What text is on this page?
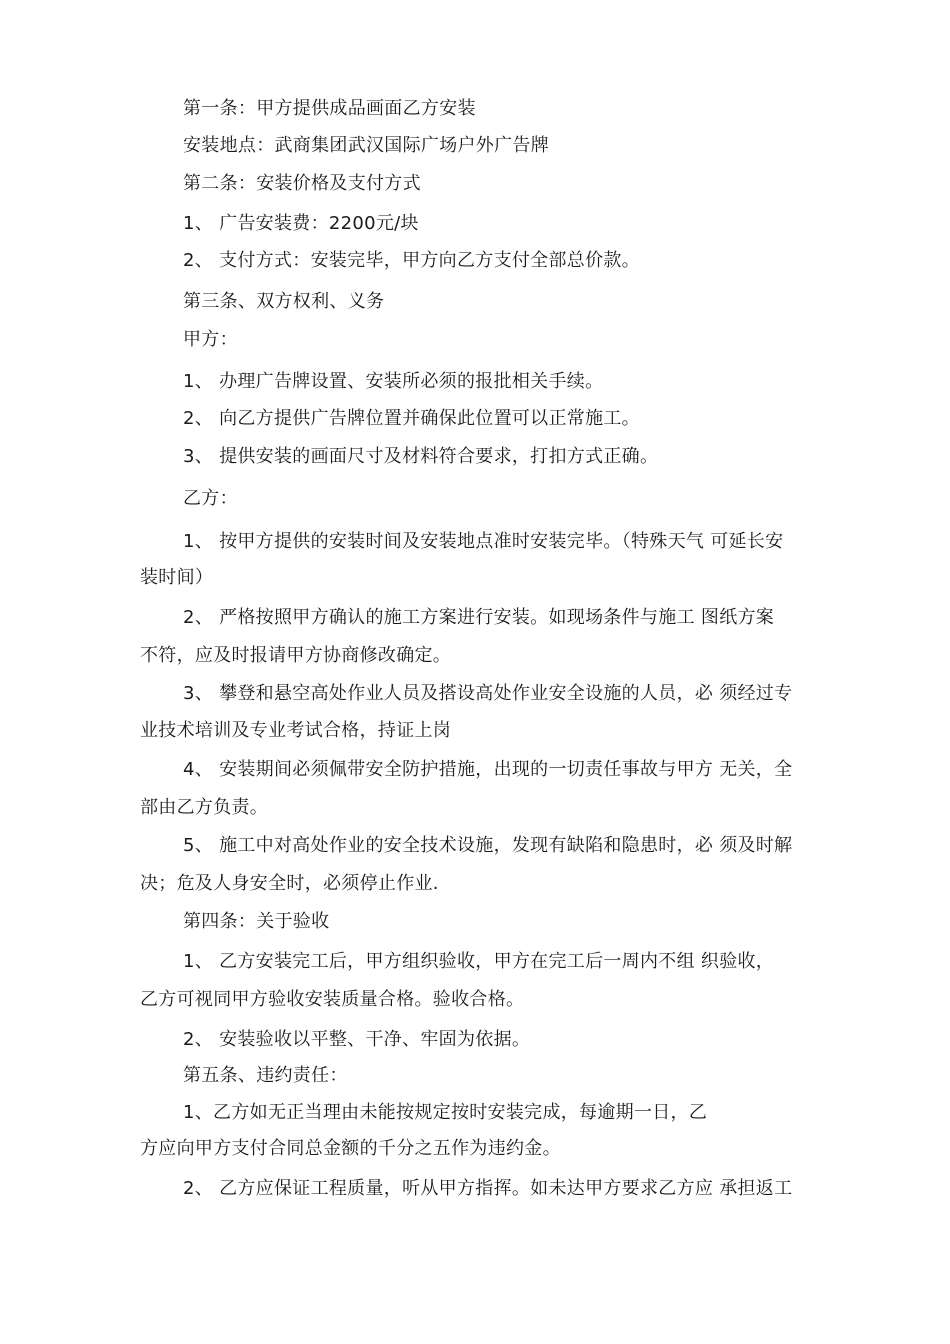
第一条：甲方提供成品画面乙方安装
安装地点：武商集团武汉国际广场户外广告牌
第二条：安装价格及支付方式
1、 广告安装费：2200元/块
2、 支付方式：安装完毕，甲方向乙方支付全部总价款。
第三条、双方权利、义务
甲方：
1、 办理广告牌设置、安装所必须的报批相关手续。
2、 向乙方提供广告牌位置并确保此位置可以正常施工。
3、 提供安装的画面尺寸及材料符合要求，打扣方式正确。
乙方：
1、 按甲方提供的安装时间及安装地点准时安装完毕。（特殊天气 可延长安
装时间）
2、 严格按照甲方确认的施工方案进行安装。如现场条件与施工 图纸方案
不符，应及时报请甲方协商修改确定。
3、 攀登和悬空高处作业人员及搭设高处作业安全设施的人员，必 须经过专
业技术培训及专业考试合格，持证上岗
4、 安装期间必须佩带安全防护措施，出现的一切责任事故与甲方 无关，全
部由乙方负责。
5、 施工中对高处作业的安全技术设施，发现有缺陷和隐患时，必 须及时解
决；危及人身安全时，必须停止作业.
第四条：关于验收
1、 乙方安装完工后，甲方组织验收，甲方在完工后一周内不组 织验收，
乙方可视同甲方验收安装质量合格。验收合格。
2、 安装验收以平整、干净、牢固为依据。
第五条、违约责任：
1、乙方如无正当理由未能按规定按时安装完成，每逾期一日，乙
方应向甲方支付合同总金额的千分之五作为违约金。
2、 乙方应保证工程质量，听从甲方指挥。如未达甲方要求乙方应 承担返工
